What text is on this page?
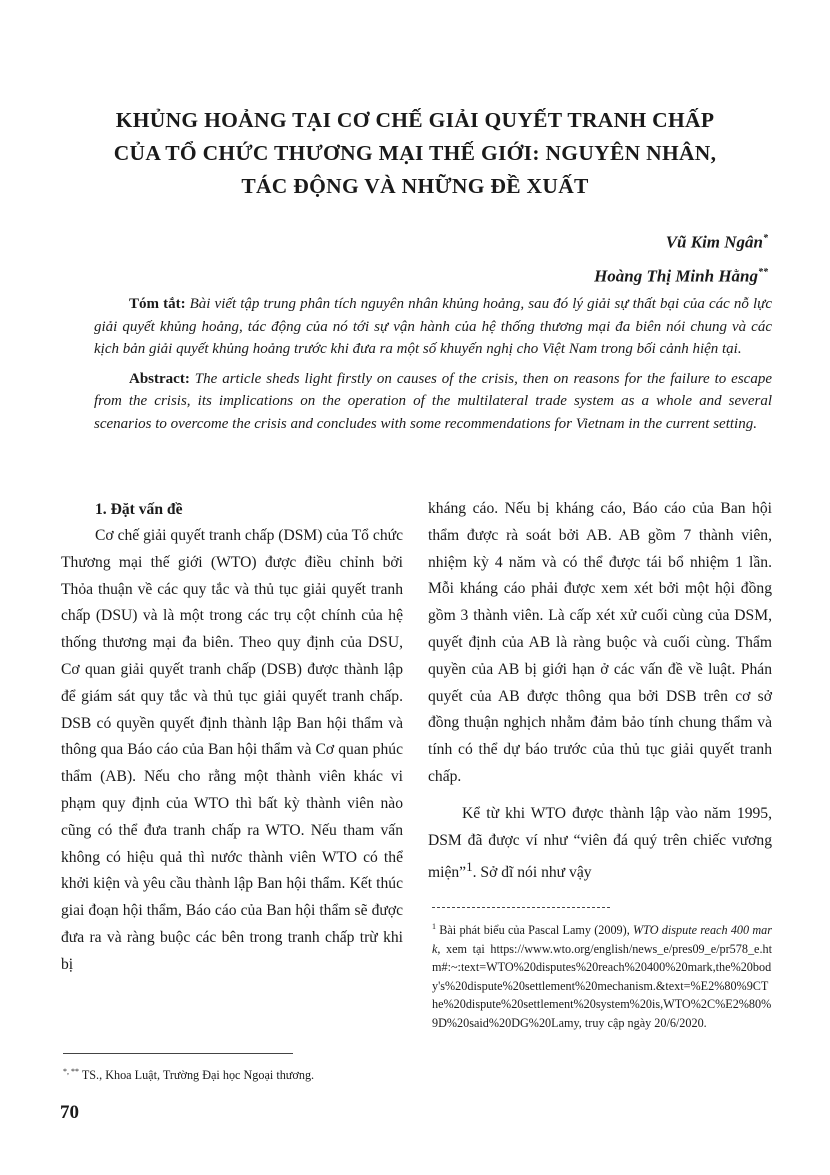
KHỦNG HOẢNG TẠI CƠ CHẾ GIẢI QUYẾT TRANH CHẤP
CỦA TỔ CHỨC THƯƠNG MẠI THẾ GIỚI: NGUYÊN NHÂN,
TÁC ĐỘNG VÀ NHỮNG ĐỀ XUẤT
Vũ Kim Ngân*
Hoàng Thị Minh Hằng**

Tóm tắt: Bài viết tập trung phân tích nguyên nhân khủng hoảng, sau đó lý giải sự thất bại của các nỗ lực giải quyết khủng hoảng, tác động của nó tới sự vận hành của hệ thống thương mại đa biên nói chung và các kịch bản giải quyết khủng hoảng trước khi đưa ra một số khuyến nghị cho Việt Nam trong bối cảnh hiện tại.

Abstract: The article sheds light firstly on causes of the crisis, then on reasons for the failure to escape from the crisis, its implications on the operation of the multilateral trade system as a whole and several scenarios to overcome the crisis and concludes with some recommendations for Vietnam in the current setting.

1. Đặt vấn đề

Cơ chế giải quyết tranh chấp (DSM) của Tổ chức Thương mại thế giới (WTO) được điều chỉnh bởi Thỏa thuận về các quy tắc và thủ tục giải quyết tranh chấp (DSU) và là một trong các trụ cột chính của hệ thống thương mại đa biên. Theo quy định của DSU, Cơ quan giải quyết tranh chấp (DSB) được thành lập để giám sát quy tắc và thủ tục giải quyết tranh chấp. DSB có quyền quyết định thành lập Ban hội thẩm và thông qua Báo cáo của Ban hội thẩm và Cơ quan phúc thẩm (AB). Nếu cho rằng một thành viên khác vi phạm quy định của WTO thì bất kỳ thành viên nào cũng có thể đưa tranh chấp ra WTO. Nếu tham vấn không có hiệu quả thì nước thành viên WTO có thể khởi kiện và yêu cầu thành lập Ban hội thẩm. Kết thúc giai đoạn hội thẩm, Báo cáo của Ban hội thẩm sẽ được đưa ra và ràng buộc các bên trong tranh chấp trừ khi bị

kháng cáo. Nếu bị kháng cáo, Báo cáo của Ban hội thẩm được rà soát bởi AB. AB gồm 7 thành viên, nhiệm kỳ 4 năm và có thể được tái bổ nhiệm 1 lần. Mỗi kháng cáo phải được xem xét bởi một hội đồng gồm 3 thành viên. Là cấp xét xử cuối cùng của DSM, quyết định của AB là ràng buộc và cuối cùng. Thẩm quyền của AB bị giới hạn ở các vấn đề về luật. Phán quyết của AB được thông qua bởi DSB trên cơ sở đồng thuận nghịch nhằm đảm bảo tính chung thẩm và tính có thể dự báo trước của thủ tục giải quyết tranh chấp.

Kể từ khi WTO được thành lập vào năm 1995, DSM đã được ví như “viên đá quý trên chiếc vương miện”$^1$. Sở dĩ nói như vậy

$^1$ Bài phát biểu của Pascal Lamy (2009), WTO dispute reach 400 mark, xem tại https://www.wto.org/english/news_e/pres09_e/pr578_e.htm#:~:text=WTO%20disputes%20reach%20400%20mark,the%20body's%20dispute%20settlement%20mechanism.&text=%E2%80%9CThe%20dispute%20settlement%20system%20is,WTO%2C%E2%80%9D%20said%20DG%20Lamy, truy cập ngày 20/6/2020.
*, ** TS., Khoa Luật, Trường Đại học Ngoại thương.
70
